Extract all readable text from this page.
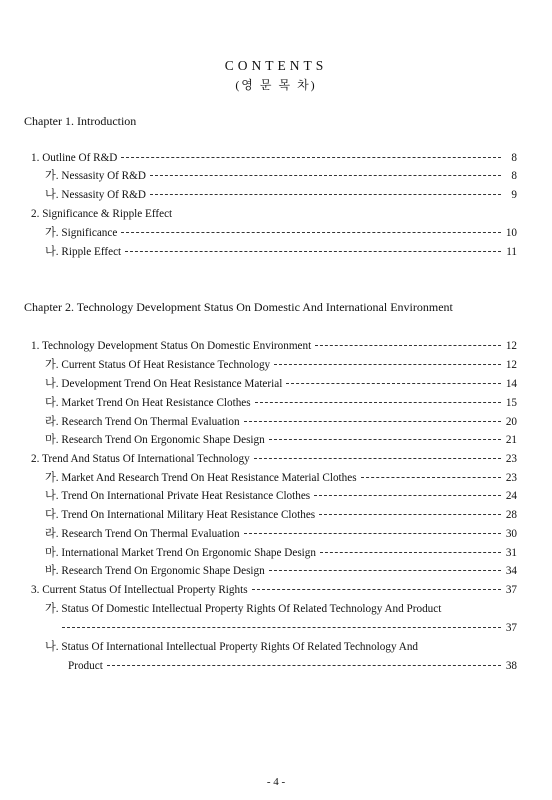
CONTENTS
(영 문 목 차)
Chapter 1. Introduction
1. Outline Of R&D	8
가. Nessasity Of R&D	8
나. Nessasity Of R&D	9
2. Significance & Ripple Effect
가. Significance	10
나. Ripple Effect	11
Chapter 2. Technology Development Status On Domestic And International Environment
1. Technology Development Status On Domestic Environment	12
가. Current Status Of Heat Resistance Technology	12
나. Development Trend On Heat Resistance Material	14
다. Market Trend On Heat Resistance Clothes	15
라. Research Trend On Thermal Evaluation	20
마. Research Trend On Ergonomic Shape Design	21
2. Trend And Status Of International Technology	23
가. Market And Research Trend On Heat Resistance Material Clothes	23
나. Trend On International Private Heat Resistance Clothes	24
다. Trend On International Military Heat Resistance Clothes	28
라. Research Trend On Thermal Evaluation	30
마. International Market Trend On Ergonomic Shape Design	31
바. Research Trend On Ergonomic Shape Design	34
3. Current Status Of Intellectual Property Rights	37
가. Status Of Domestic Intellectual Property Rights Of Related Technology And Product
37
나. Status Of International Intellectual Property Rights Of Related Technology And
Product	38
- 4 -
